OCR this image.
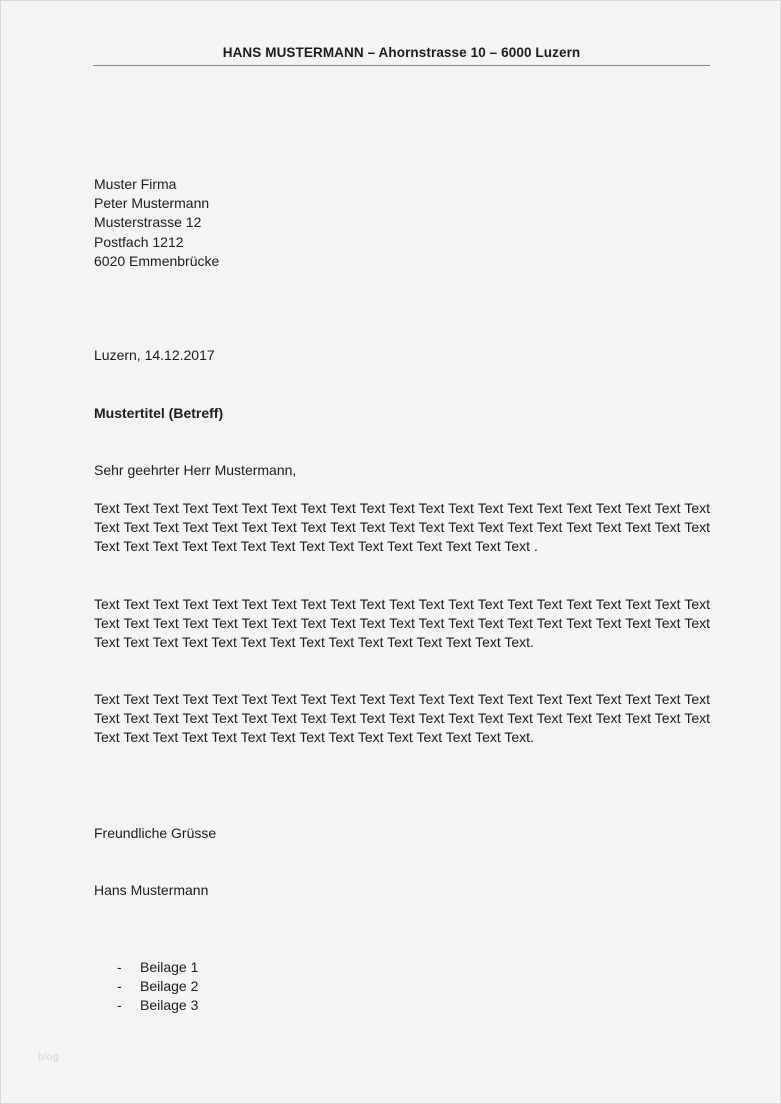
HANS MUSTERMANN – Ahornstrasse 10 – 6000 Luzern
Muster Firma
Peter Mustermann
Musterstrasse 12
Postfach 1212
6020 Emmenbrücke
Luzern, 14.12.2017
Mustertitel (Betreff)
Sehr geehrter Herr Mustermann,
Text Text Text Text Text Text Text Text Text Text Text Text Text Text Text Text Text Text Text Text Text Text Text Text Text Text Text Text Text Text Text Text Text Text Text Text Text Text Text Text Text Text Text Text Text Text Text Text Text Text Text Text Text Text Text Text Text .
Text Text Text Text Text Text Text Text Text Text Text Text Text Text Text Text Text Text Text Text Text Text Text Text Text Text Text Text Text Text Text Text Text Text Text Text Text Text Text Text Text Text Text Text Text Text Text Text Text Text Text Text Text Text Text Text Text.
Text Text Text Text Text Text Text Text Text Text Text Text Text Text Text Text Text Text Text Text Text Text Text Text Text Text Text Text Text Text Text Text Text Text Text Text Text Text Text Text Text Text Text Text Text Text Text Text Text Text Text Text Text Text Text Text Text.
Freundliche Grüsse
Hans Mustermann
- Beilage 1
- Beilage 2
- Beilage 3
blog
